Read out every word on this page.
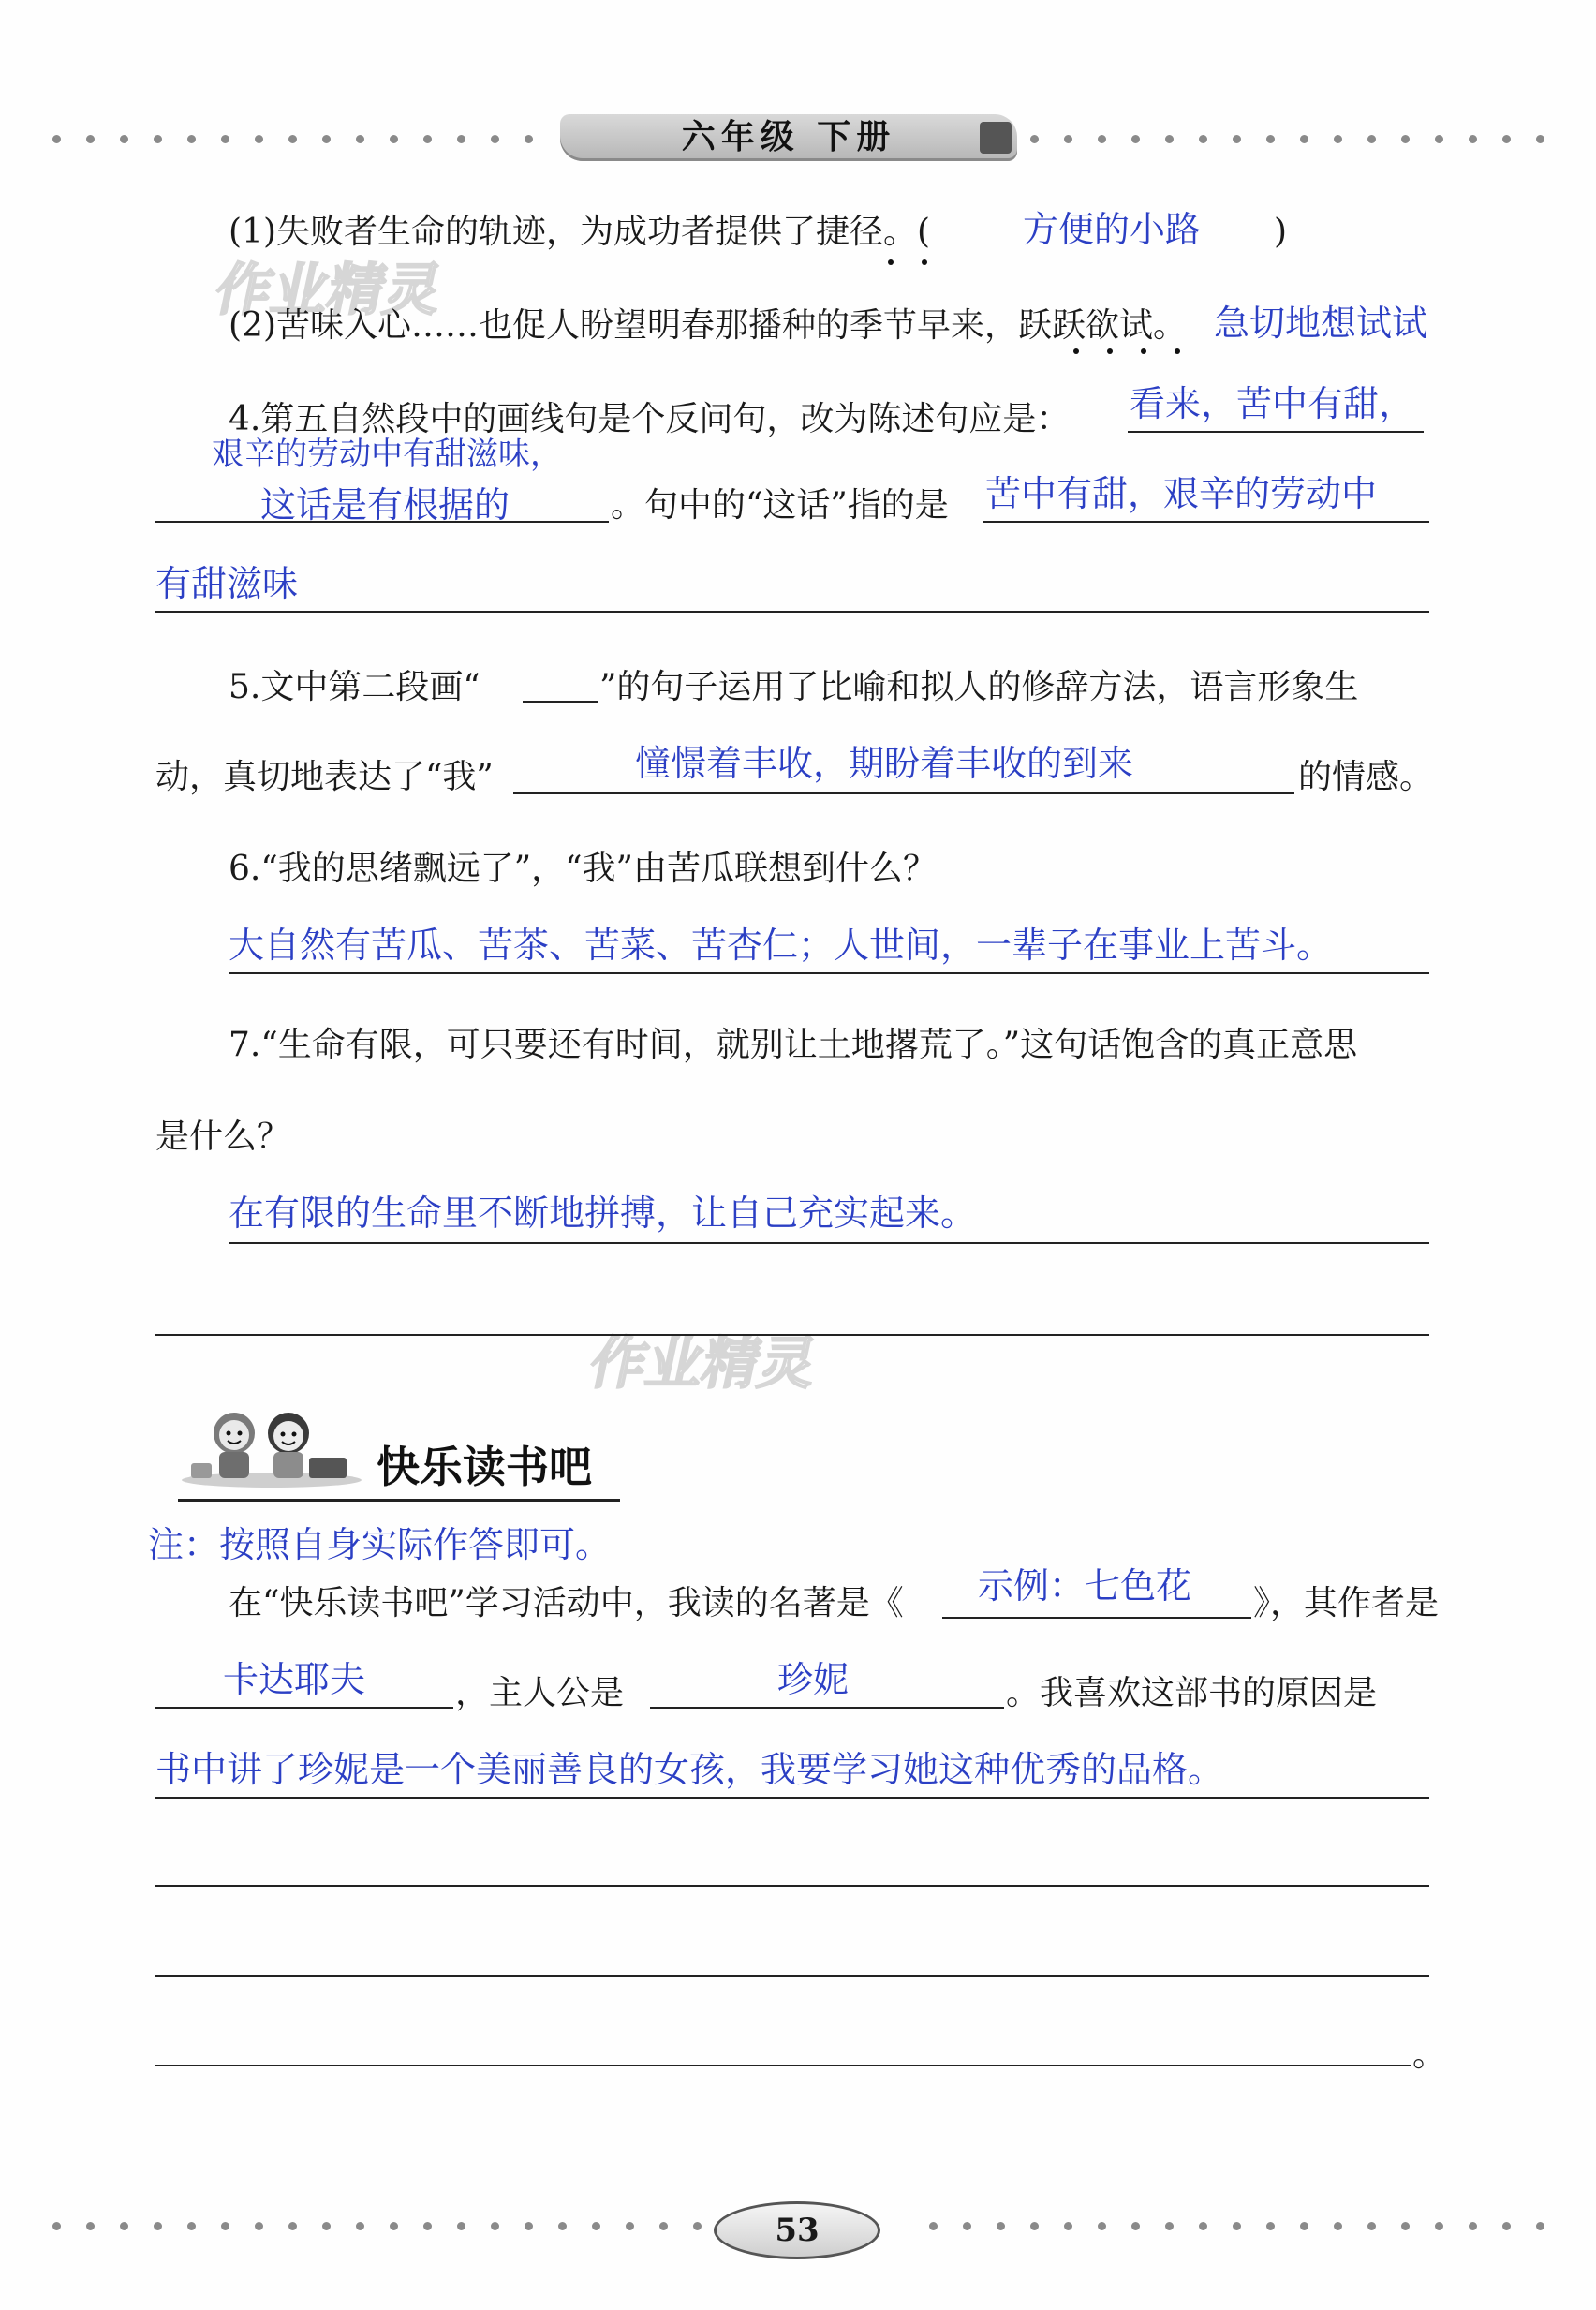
六年级 下册
作业精灵
作业精灵
(1)失败者生命的轨迹，为成功者提供了捷径。(	方便的小路 )
(2)苦味入心……也促人盼望明春那播种的季节早来，跃跃欲试。 急切地想试试
4.第五自然段中的画线句是个反问句，改为陈述句应是： 看来，苦中有甜，
艰辛的劳动中有甜滋味，
这话是有根据的	。句中的“这话”指的是 苦中有甜，艰辛的劳动中
有甜滋味
5.文中第二段画“	”的句子运用了比喻和拟人的修辞方法，语言形象生
动，真切地表达了“我”	憧憬着丰收，期盼着丰收的到来	的情感。
6.“我的思绪飘远了”，“我”由苦瓜联想到什么？
大自然有苦瓜、苦茶、苦菜、苦杏仁；人世间，一辈子在事业上苦斗。
7.“生命有限，可只要还有时间，就别让土地撂荒了。”这句话饱含的真正意思
是什么？
在有限的生命里不断地拼搏，让自己充实起来。
快乐读书吧
注：按照自身实际作答即可。
在“快乐读书吧”学习活动中，我读的名著是《 示例：七色花 》，其作者是
卡达耶夫	，主人公是	珍妮	。我喜欢这部书的原因是
书中讲了珍妮是一个美丽善良的女孩，我要学习她这种优秀的品格。
。
53
